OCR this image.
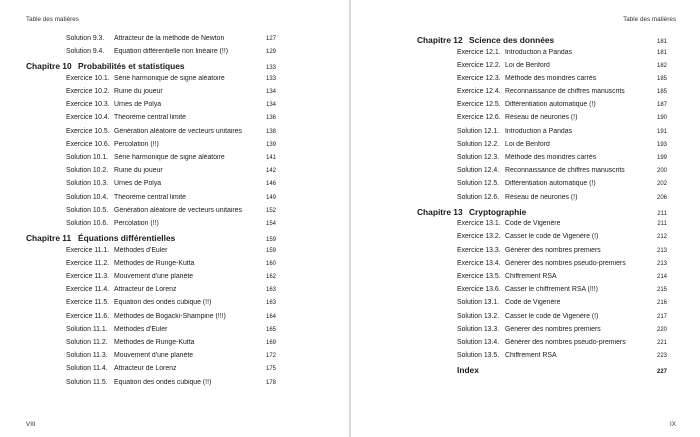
Table des matières
Solution 9.3.	Attracteur de la méthode de Newton	127
Solution 9.4.	Équation différentielle non linéaire (!!)	129
Chapitre 10 Probabilités et statistiques	133
Exercice 10.1. Série harmonique de signe aléatoire	133
Exercice 10.2. Ruine du joueur	134
Exercice 10.3. Urnes de Polya	134
Exercice 10.4. Théorème central limite	136
Exercice 10.5. Génération aléatoire de vecteurs unitaires	138
Exercice 10.6. Percolation (!!)	139
Solution 10.1. Série harmonique de signe aléatoire	141
Solution 10.2. Ruine du joueur	142
Solution 10.3. Urnes de Polya	146
Solution 10.4. Théorème central limite	149
Solution 10.5. Génération aléatoire de vecteurs unitaires	152
Solution 10.6. Percolation (!!)	154
Chapitre 11 Équations différentielles	159
Exercice 11.1. Méthodes d'Euler	159
Exercice 11.2. Méthodes de Runge-Kutta	160
Exercice 11.3. Mouvement d'une planète	162
Exercice 11.4. Attracteur de Lorenz	163
Exercice 11.5. Équation des ondes cubique (!!)	163
Exercice 11.6. Méthodes de Bogacki-Shampine (!!!)	164
Solution 11.1. Méthodes d'Euler	165
Solution 11.2. Méthodes de Runge-Kutta	169
Solution 11.3. Mouvement d'une planète	172
Solution 11.4. Attracteur de Lorenz	175
Solution 11.5. Équation des ondes cubique (!!)	178
VIII
Table des matières
Chapitre 12 Science des données	181
Exercice 12.1. Introduction à Pandas	181
Exercice 12.2. Loi de Benford	182
Exercice 12.3. Méthode des moindres carrés	185
Exercice 12.4. Reconnaissance de chiffres manuscrits	185
Exercice 12.5. Différentiation automatique (!)	187
Exercice 12.6. Réseau de neurones (!)	190
Solution 12.1. Introduction à Pandas	191
Solution 12.2. Loi de Benford	193
Solution 12.3. Méthode des moindres carrés	199
Solution 12.4. Reconnaissance de chiffres manuscrits	200
Solution 12.5. Différentiation automatique (!)	202
Solution 12.6. Réseau de neurones (!)	206
Chapitre 13 Cryptographie	211
Exercice 13.1. Code de Vigenère	211
Exercice 13.2. Casser le code de Vigenère (!)	212
Exercice 13.3. Générer des nombres premiers	213
Exercice 13.4. Générer des nombres pseudo-premiers	213
Exercice 13.5. Chiffrement RSA	214
Exercice 13.6. Casser le chiffrement RSA (!!!)	215
Solution 13.1. Code de Vigenère	216
Solution 13.2. Casser le code de Vigenère (!)	217
Solution 13.3. Générer des nombres premiers	220
Solution 13.4. Générer des nombres pseudo-premiers	221
Solution 13.5. Chiffrement RSA	223
Index	227
IX
